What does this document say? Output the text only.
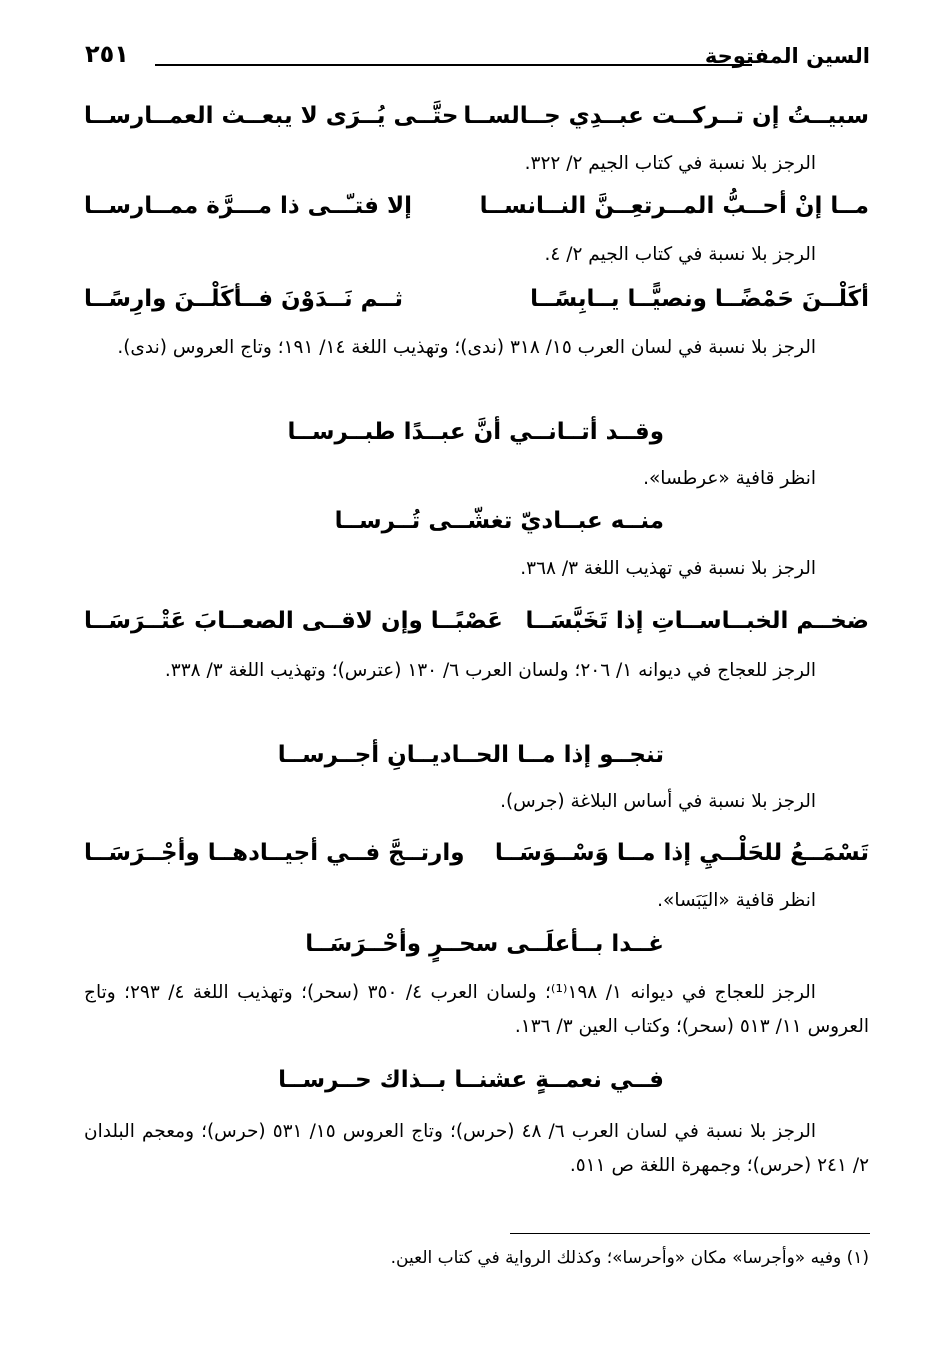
السين المفتوحة
٢٥١
سبيــتُ إن تــركــت عبــدِي جــالســا
حتَّــى يُــرَى لا يبعــث العمــارســا
الرجز بلا نسبة في كتاب الجيم ٢/ ٣٢٢.
مــا إنْ أحــبُّ المــرتعِــنَّ النــانســا
إلا فتـّــى ذا مـــرَّة ممــارســا
الرجز بلا نسبة في كتاب الجيم ٢/ ٤.
أكَلْــنَ حَمْضًــا ونصيًّــا يــابِسًــا
ثــم نَــدَوْنَ فــأكَلْــنَ وارِسًــا
الرجز بلا نسبة في لسان العرب ١٥/ ٣١٨ (ندى)؛ وتهذيب اللغة ١٤/ ١٩١؛ وتاج العروس (ندى).
وقــد أتــانــي أنَّ عبــدًا طبــرســا
انظر قافية «عرطسا».
منــه عبــاديّ تغشّــى تُــرســا
الرجز بلا نسبة في تهذيب اللغة ٣/ ٣٦٨.
ضخــم الخبــاســاتِ إذا تَخَبَّسَــا
عَصْبًــا وإن لاقــى الصعــابَ عَتْــرَسَــا
الرجز للعجاج في ديوانه ١/ ٢٠٦؛ ولسان العرب ٦/ ١٣٠ (عترس)؛ وتهذيب اللغة ٣/ ٣٣٨.
تنجــو إذا مــا الحــاديــانِ أجــرســا
الرجز بلا نسبة في أساس البلاغة (جرس).
تَسْمَــعُ للحَلْــيِ إذا مــا وَسْــوَسَــا
وارتــجَّ فــي أجيــادهــا وأجْــرَسَــا
انظر قافية «اليَبَسا».
غــدا بــأعلَــى سحــرٍ وأحْــرَسَــا
الرجز للعجاج في ديوانه ١/ ١٩٨⁽¹⁾؛ ولسان العرب ٤/ ٣٥٠ (سحر)؛ وتهذيب اللغة ٤/ ٢٩٣؛ وتاج العروس ١١/ ٥١٣ (سحر)؛ وكتاب العين ٣/ ١٣٦.
فــي نعمــةٍ عشنــا بــذاك حــرســا
الرجز بلا نسبة في لسان العرب ٦/ ٤٨ (حرس)؛ وتاج العروس ١٥/ ٥٣١ (حرس)؛ ومعجم البلدان ٢/ ٢٤١ (حرس)؛ وجمهرة اللغة ص ٥١١.
(١) وفيه «وأجرسا» مكان «وأحرسا»؛ وكذلك الرواية في كتاب العين.
